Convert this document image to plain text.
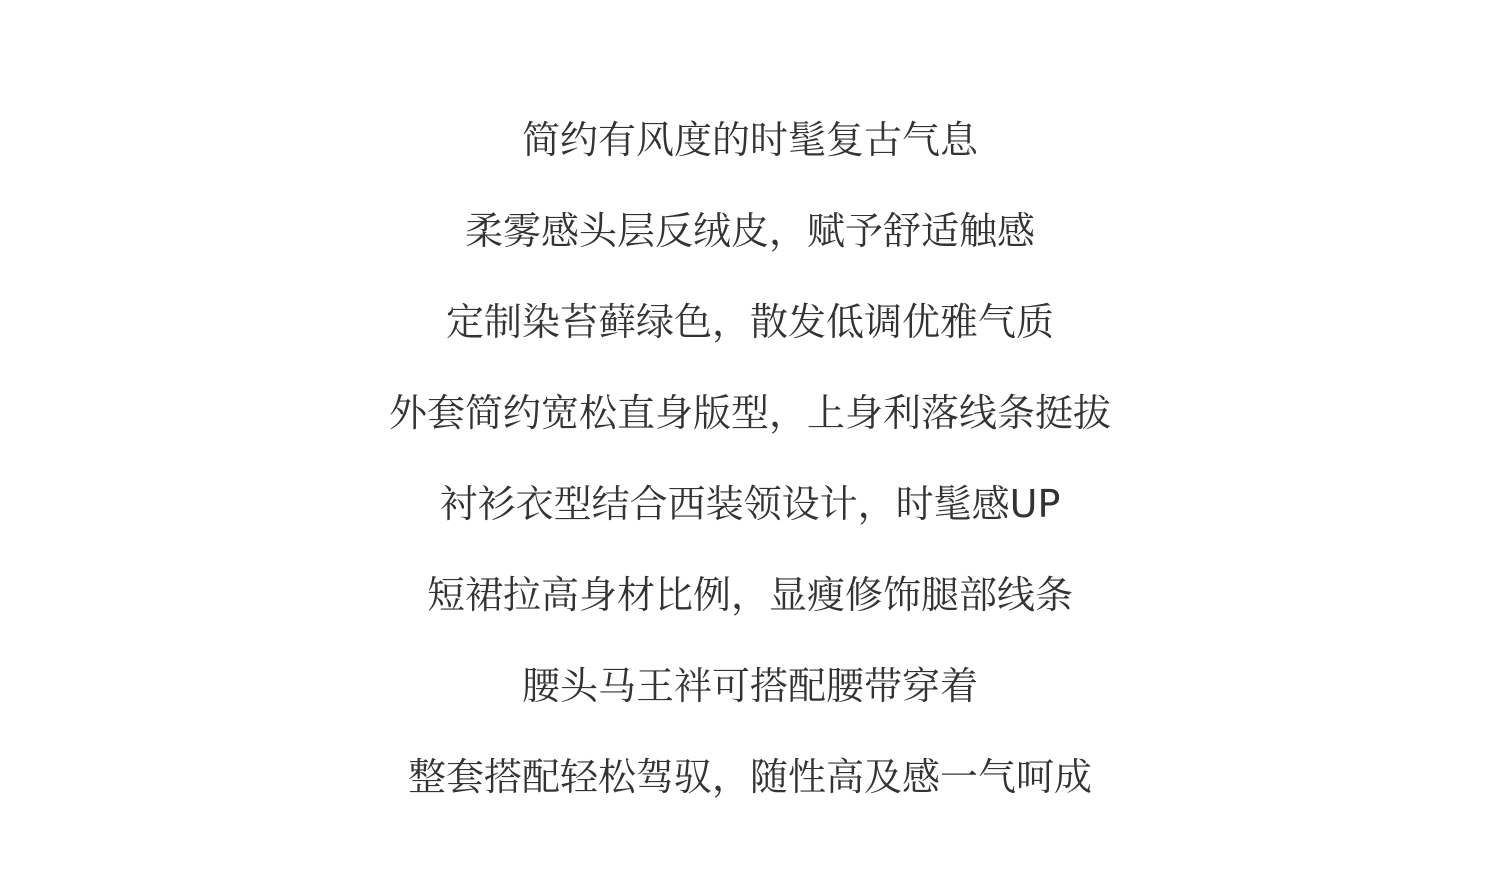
简约有风度的时髦复古气息
柔雾感头层反绒皮，赋予舒适触感
定制染苔藓绿色，散发低调优雅气质
外套简约宽松直身版型，上身利落线条挺拔
衬衫衣型结合西装领设计，时髦感UP
短裙拉高身材比例，显瘦修饰腿部线条
腰头马王袢可搭配腰带穿着
整套搭配轻松驾驭，随性高及感一气呵成
